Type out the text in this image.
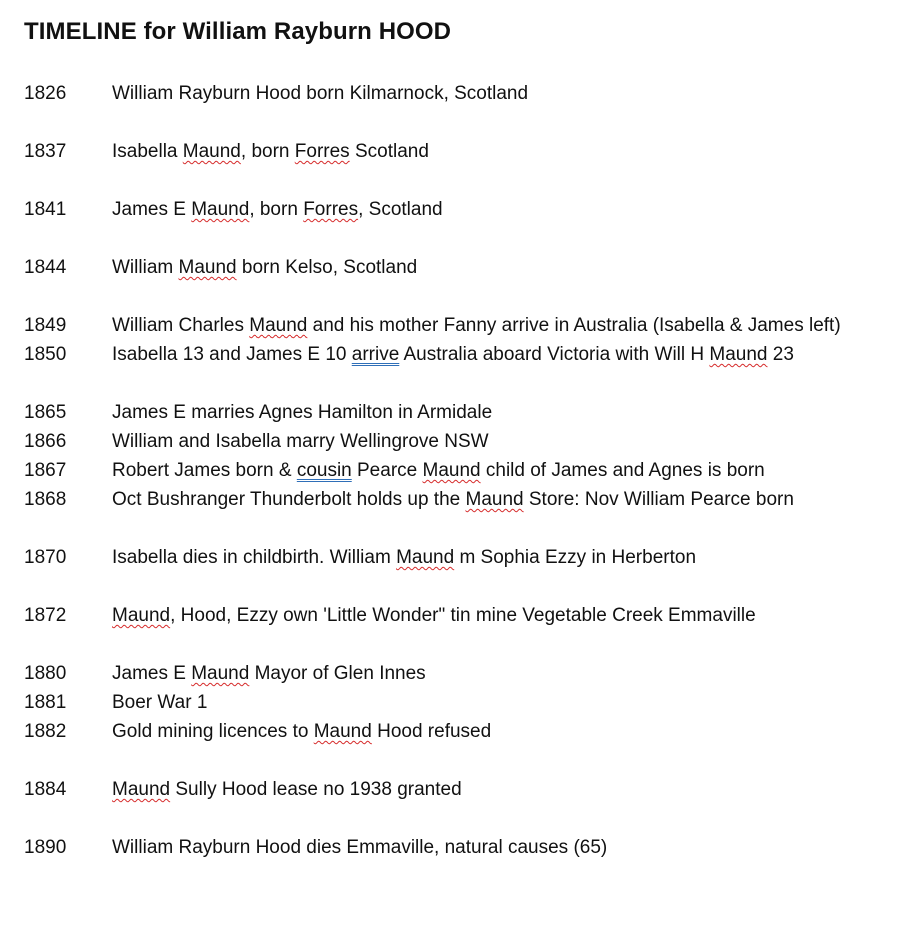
TIMELINE for William Rayburn HOOD
1826 William Rayburn Hood born Kilmarnock, Scotland
1837 Isabella Maund, born Forres Scotland
1841 James E Maund, born Forres, Scotland
1844 William Maund born Kelso, Scotland
1849 William Charles Maund and his mother Fanny arrive in Australia (Isabella & James left)
1850 Isabella 13 and James E 10 arrive Australia aboard Victoria with Will H Maund 23
1865 James E marries Agnes Hamilton in Armidale
1866 William and Isabella marry Wellingrove NSW
1867 Robert James born & cousin Pearce Maund child of James and Agnes is born
1868 Oct Bushranger Thunderbolt holds up the Maund Store: Nov William Pearce born
1870 Isabella dies in childbirth. William Maund m Sophia Ezzy in Herberton
1872 Maund, Hood, Ezzy own 'Little Wonder" tin mine Vegetable Creek Emmaville
1880 James E Maund Mayor of Glen Innes
1881 Boer War 1
1882 Gold mining licences to Maund Hood refused
1884 Maund Sully Hood lease no 1938 granted
1890 William Rayburn Hood dies Emmaville, natural causes (65)
